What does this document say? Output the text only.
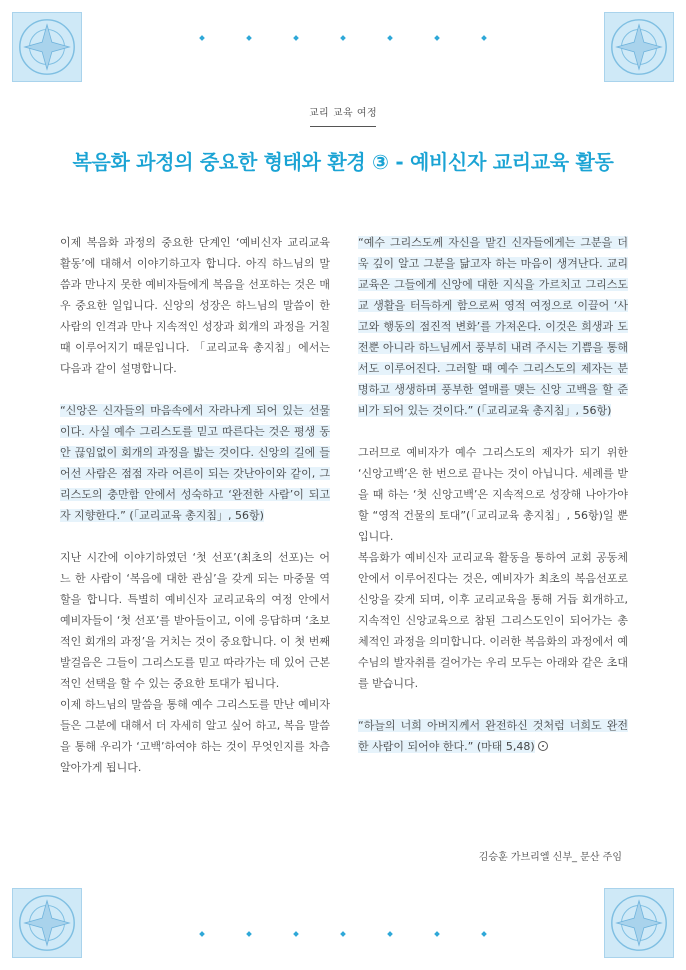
교리 교육 여정
복음화 과정의 중요한 형태와 환경 ③ - 예비신자 교리교육 활동

이제 복음화 과정의 중요한 단계인 ‘예비신자 교리교육 활동’에 대해서 이야기하고자 합니다. 아직 하느님의 말씀과 만나지 못한 예비자들에게 복음을 선포하는 것은 매우 중요한 일입니다. 신앙의 성장은 하느님의 말씀이 한 사람의 인격과 만나 지속적인 성장과 회개의 과정을 거칠 때 이루어지기 때문입니다. 「교리교육 총지침」에서는 다음과 같이 설명합니다.

“신앙은 신자들의 마음속에서 자라나게 되어 있는 선물이다. 사실 예수 그리스도를 믿고 따른다는 것은 평생 동안 끊임없이 회개의 과정을 밟는 것이다. 신앙의 길에 들어선 사람은 점점 자라 어른이 되는 갓난아이와 같이, 그리스도의 충만함 안에서 성숙하고 ‘완전한 사람’이 되고자 지향한다.” (「교리교육 총지침」, 56항)

지난 시간에 이야기하였던 ‘첫 선포’(최초의 선포)는 어느 한 사람이 ‘복음에 대한 관심’을 갖게 되는 마중물 역할을 합니다. 특별히 예비신자 교리교육의 여정 안에서 예비자들이 ‘첫 선포’를 받아들이고, 이에 응답하며 ‘초보적인 회개의 과정’을 거치는 것이 중요합니다. 이 첫 번째 발걸음은 그들이 그리스도를 믿고 따라가는 데 있어 근본적인 선택을 할 수 있는 중요한 토대가 됩니다.

이제 하느님의 말씀을 통해 예수 그리스도를 만난 예비자들은 그분에 대해서 더 자세히 알고 싶어 하고, 복음 말씀을 통해 우리가 ‘고백’하여야 하는 것이 무엇인지를 차츰 알아가게 됩니다.

“예수 그리스도께 자신을 맡긴 신자들에게는 그분을 더욱 깊이 알고 그분을 닮고자 하는 마음이 생겨난다. 교리교육은 그들에게 신앙에 대한 지식을 가르치고 그리스도교 생활을 터득하게 함으로써 영적 여정으로 이끌어 ‘사고와 행동의 점진적 변화’를 가져온다. 이것은 희생과 도전뿐 아니라 하느님께서 풍부히 내려 주시는 기쁨을 통해서도 이루어진다. 그러할 때 예수 그리스도의 제자는 분명하고 생생하며 풍부한 열매를 맺는 신앙 고백을 할 준비가 되어 있는 것이다.” (「교리교육 총지침」, 56항)

그러므로 예비자가 예수 그리스도의 제자가 되기 위한 ‘신앙고백’은 한 번으로 끝나는 것이 아닙니다. 세례를 받을 때 하는 ‘첫 신앙고백’은 지속적으로 성장해 나아가야 할 “영적 건물의 토대”(「교리교육 총지침」, 56항)일 뿐입니다.

복음화가 예비신자 교리교육 활동을 통하여 교회 공동체 안에서 이루어진다는 것은, 예비자가 최초의 복음선포로 신앙을 갖게 되며, 이후 교리교육을 통해 거듭 회개하고, 지속적인 신앙교육으로 참된 그리스도인이 되어가는 총체적인 과정을 의미합니다. 이러한 복음화의 과정에서 예수님의 발자취를 걸어가는 우리 모두는 아래와 같은 초대를 받습니다.

“하늘의 너희 아버지께서 완전하신 것처럼 너희도 완전한 사람이 되어야 한다.” (마태 5,48)

김승훈 가브리엘 신부_ 문산 주임
